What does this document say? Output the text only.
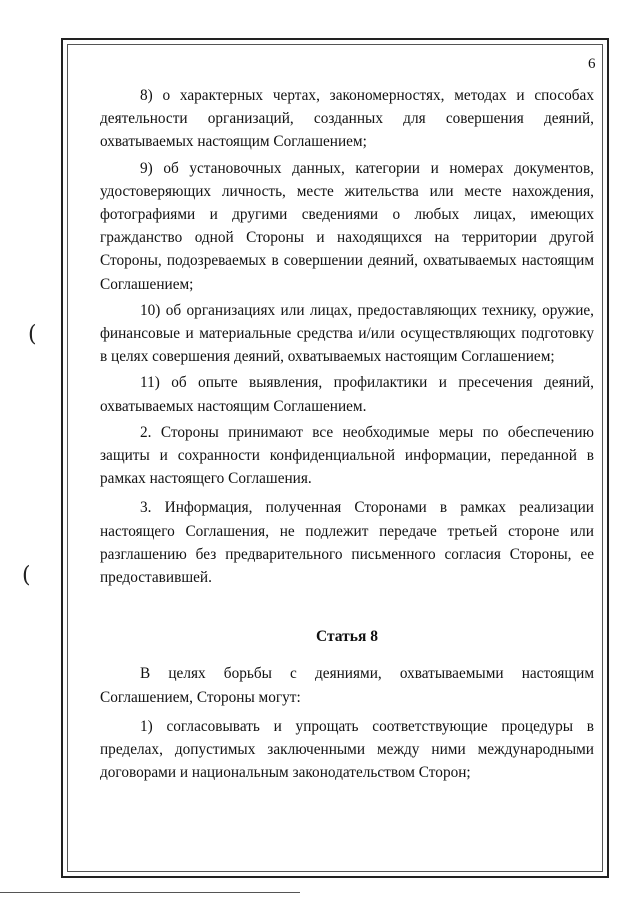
6
(
(

8) о характерных чертах, закономерностях, методах и способах деятельности организаций, созданных для совершения деяний, охватываемых настоящим Соглашением;

9) об установочных данных, категории и номерах документов, удостоверяющих личность, месте жительства или месте нахождения, фотографиями и другими сведениями о любых лицах, имеющих гражданство одной Стороны и находящихся на территории другой Стороны, подозреваемых в совершении деяний, охватываемых настоящим Соглашением;

10) об организациях или лицах, предоставляющих технику, оружие, финансовые и материальные средства и/или осуществляющих подготовку в целях совершения деяний, охватываемых настоящим Соглашением;

11) об опыте выявления, профилактики и пресечения деяний, охватываемых настоящим Соглашением.

2. Стороны принимают все необходимые меры по обеспечению защиты и сохранности конфиденциальной информации, переданной в рамках настоящего Соглашения.

3. Информация, полученная Сторонами в рамках реализации настоящего Соглашения, не подлежит передаче третьей стороне или разглашению без предварительного письменного согласия Стороны, ее предоставившей.

Статья 8

В целях борьбы с деяниями, охватываемыми настоящим Соглашением, Стороны могут:

1) согласовывать и упрощать соответствующие процедуры в пределах, допустимых заключенными между ними международными договорами и национальным законодательством Сторон;
